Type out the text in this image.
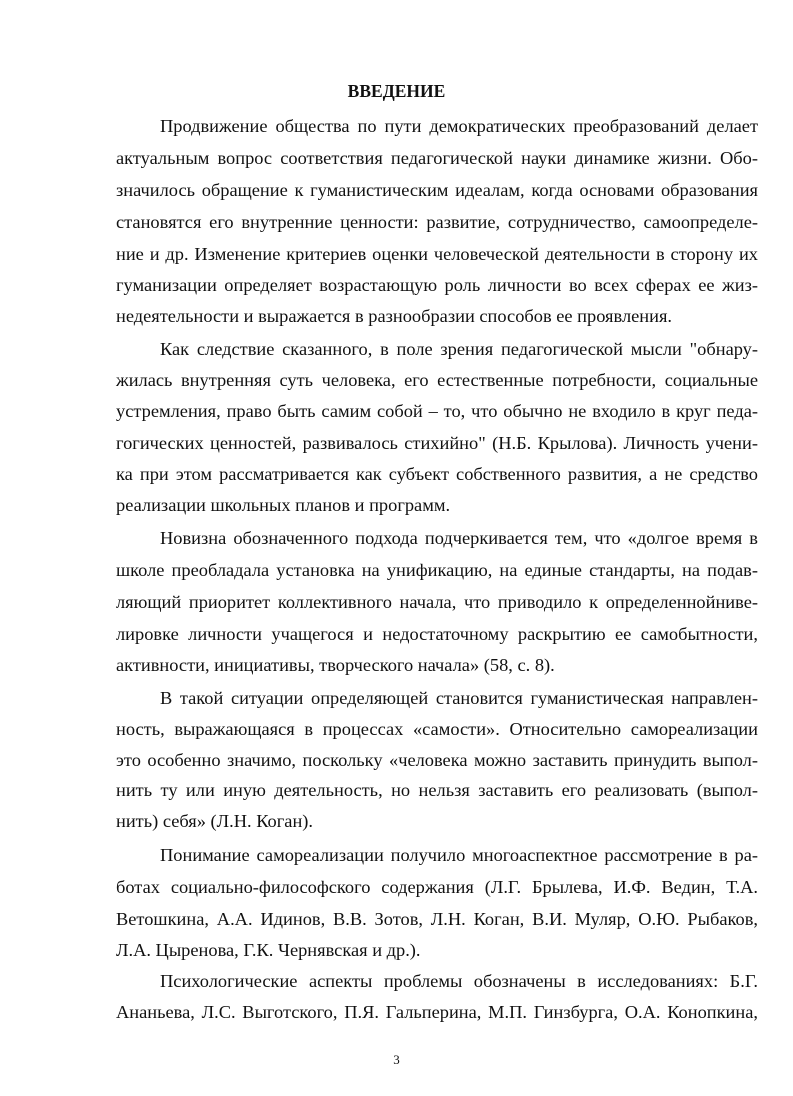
ВВЕДЕНИЕ
Продвижение общества по пути демократических преобразований делает
актуальным вопрос соответствия педагогической науки динамике жизни. Обо-
значилось обращение к гуманистическим идеалам, когда основами образования
становятся его внутренние ценности: развитие, сотрудничество, самоопределе-
ние и др. Изменение критериев оценки человеческой деятельности в сторону их
гуманизации определяет возрастающую роль личности во всех сферах ее жиз-
недеятельности и выражается в разнообразии способов ее проявления.
Как следствие сказанного, в поле зрения педагогической мысли "обнару-
жилась внутренняя суть человека, его естественные потребности, социальные
устремления, право быть самим собой – то, что обычно не входило в круг педа-
гогических ценностей, развивалось стихийно" (Н.Б. Крылова). Личность учени-
ка при этом рассматривается как субъект собственного развития, а не средство
реализации школьных планов и программ.
Новизна обозначенного подхода подчеркивается тем, что «долгое время в
школе преобладала установка на унификацию, на единые стандарты, на подав-
ляющий приоритет коллективного начала, что приводило к определеннойниве-
лировке личности учащегося и недостаточному раскрытию ее самобытности,
активности, инициативы, творческого начала» (58, с. 8).
В такой ситуации определяющей становится гуманистическая направлен-
ность, выражающаяся в процессах «самости». Относительно самореализации
это особенно значимо, поскольку «человека можно заставить принудить выпол-
нить ту или иную деятельность, но нельзя заставить его реализовать (выпол-
нить) себя» (Л.Н. Коган).
Понимание самореализации получило многоаспектное рассмотрение в ра-
ботах социально-философского содержания (Л.Г. Брылева, И.Ф. Ведин, Т.А.
Ветошкина, А.А. Идинов, В.В. Зотов, Л.Н. Коган, В.И. Муляр, О.Ю. Рыбаков,
Л.А. Цыренова, Г.К. Чернявская и др.).
Психологические аспекты проблемы обозначены в исследованиях: Б.Г.
Ананьева, Л.С. Выготского, П.Я. Гальперина, М.П. Гинзбурга, О.А. Конопкина,
3
